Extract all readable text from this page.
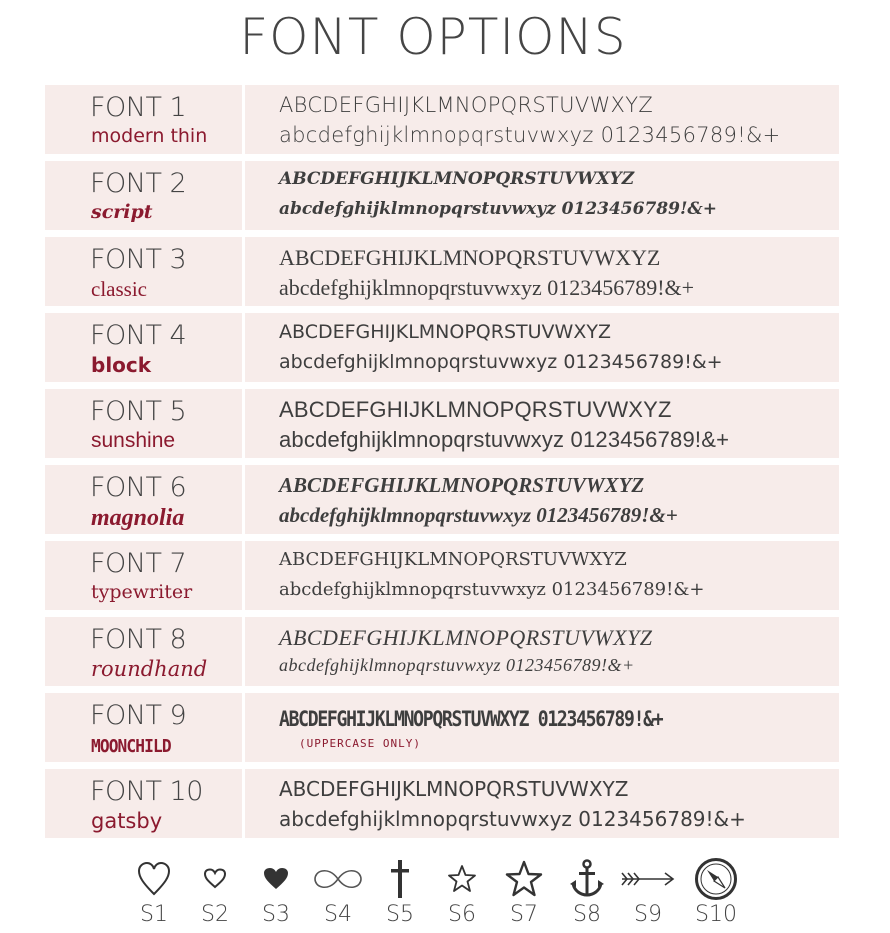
FONT OPTIONS
FONT 1
modern thin
ABCDEFGHIJKLMNOPQRSTUVWXYZ
abcdefghijklmnopqrstuvwxyz 0123456789!&+
FONT 2
script
ABCDEFGHIJKLMNOPQRSTUVWXYZ
abcdefghijklmnopqrstuvwxyz 0123456789!&+
FONT 3
classic
ABCDEFGHIJKLMNOPQRSTUVWXYZ
abcdefghijklmnopqrstuvwxyz 0123456789!&+
FONT 4
block
ABCDEFGHIJKLMNOPQRSTUVWXYZ
abcdefghijklmnopqrstuvwxyz 0123456789!&+
FONT 5
sunshine
ABCDEFGHIJKLMNOPQRSTUVWXYZ
abcdefghijklmnopqrstuvwxyz 0123456789!&+
FONT 6
magnolia
ABCDEFGHIJKLMNOPQRSTUVWXYZ
abcdefghijklmnopqrstuvwxyz 0123456789!&+
FONT 7
typewriter
ABCDEFGHIJKLMNOPQRSTUVWXYZ
abcdefghijklmnopqrstuvwxyz 0123456789!&+
FONT 8
roundhand
ABCDEFGHIJKLMNOPQRSTUVWXYZ
abcdefghijklmnopqrstuvwxyz 0123456789!&+
FONT 9
MOONCHILD
ABCDEFGHIJKLMNOPQRSTUVWXYZ 0123456789!&+
(UPPERCASE ONLY)
FONT 10
gatsby
ABCDEFGHIJKLMNOPQRSTUVWXYZ
abcdefghijklmnopqrstuvwxyz 0123456789!&+
S1	S2	S3	S4	S5	S6	S7	S8	S9	S10
